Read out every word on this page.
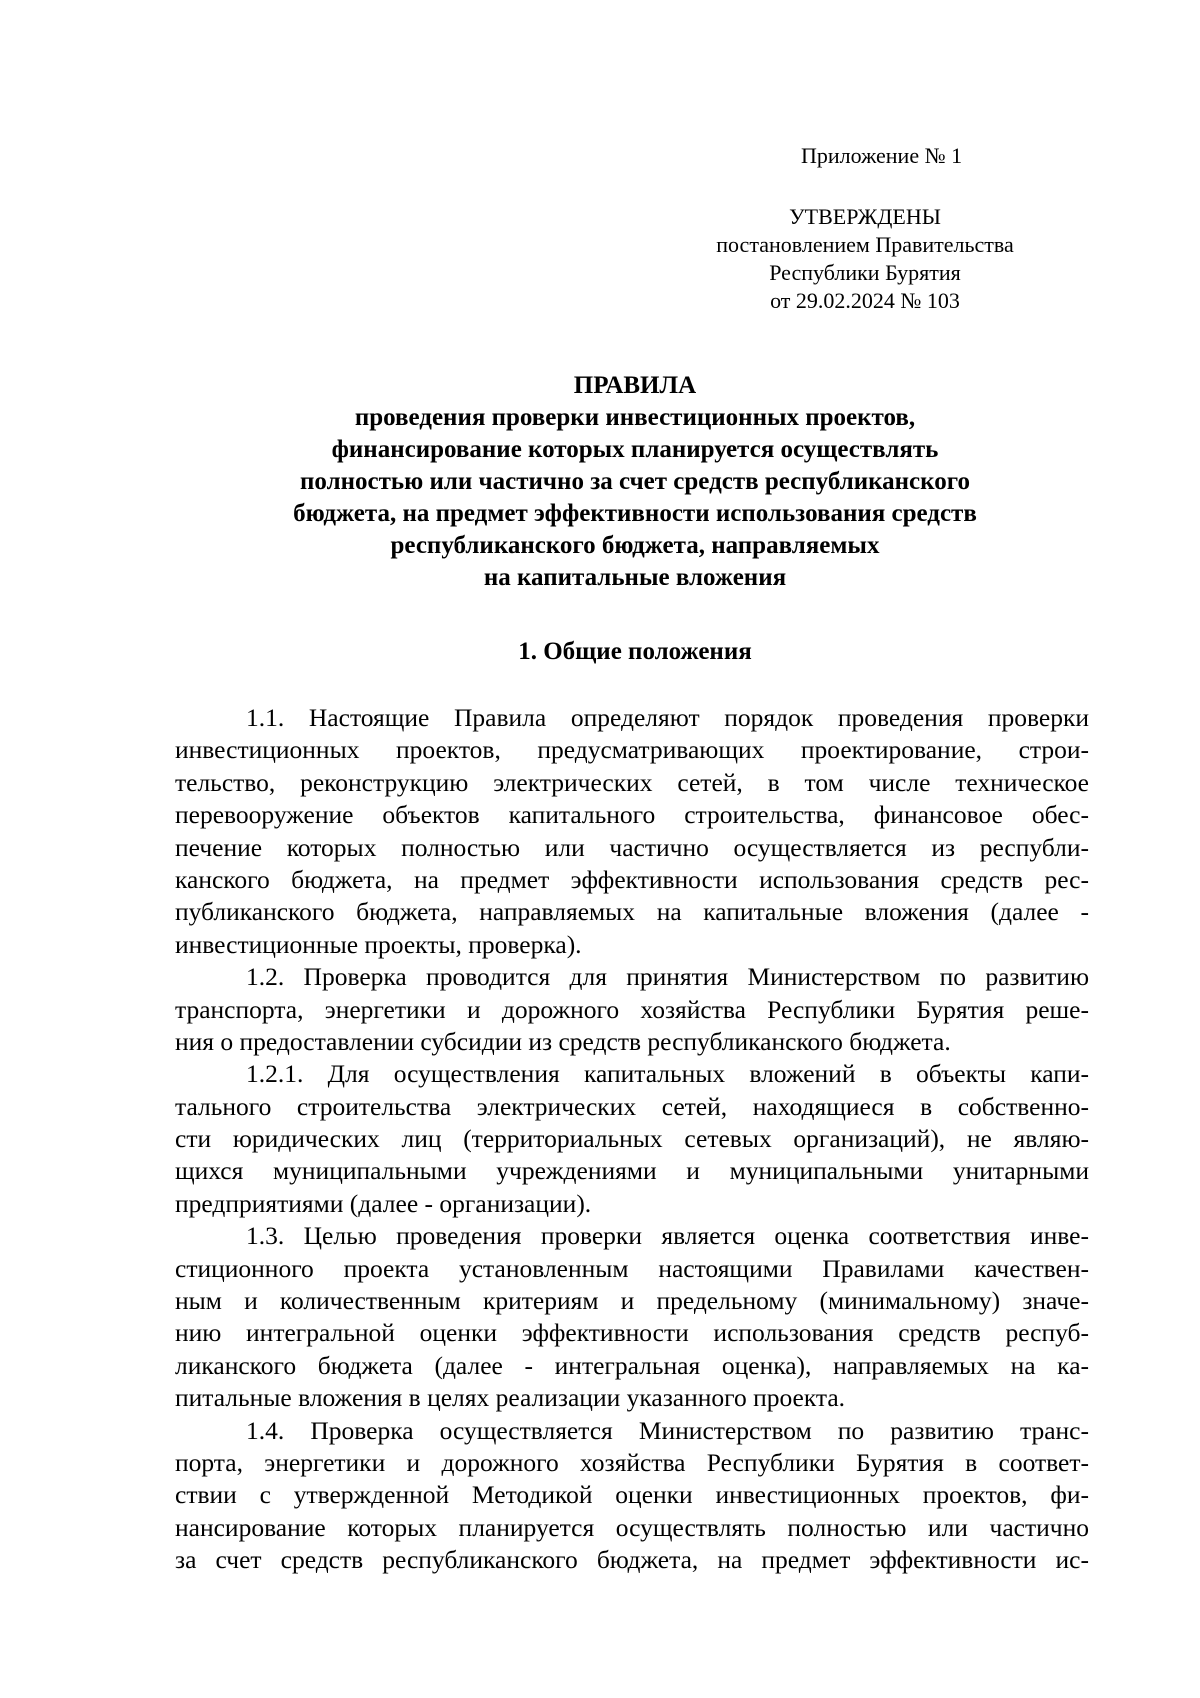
Приложение № 1
УТВЕРЖДЕНЫ
постановлением Правительства
Республики Бурятия
от 29.02.2024 № 103
ПРАВИЛА
проведения проверки инвестиционных проектов,
финансирование которых планируется осуществлять
полностью или частично за счет средств республиканского
бюджета, на предмет эффективности использования средств
республиканского бюджета, направляемых
на капитальные вложения
1. Общие положения
1.1. Настоящие Правила определяют порядок проведения проверки
инвестиционных проектов, предусматривающих проектирование, строи-
тельство, реконструкцию электрических сетей, в том числе техническое
перевооружение объектов капитального строительства, финансовое обес-
печение которых полностью или частично осуществляется из республи-
канского бюджета, на предмет эффективности использования средств рес-
публиканского бюджета, направляемых на капитальные вложения (далее -
инвестиционные проекты, проверка).
1.2. Проверка проводится для принятия Министерством по развитию
транспорта, энергетики и дорожного хозяйства Республики Бурятия реше-
ния о предоставлении субсидии из средств республиканского бюджета.
1.2.1. Для осуществления капитальных вложений в объекты капи-
тального строительства электрических сетей, находящиеся в собственно-
сти юридических лиц (территориальных сетевых организаций), не являю-
щихся муниципальными учреждениями и муниципальными унитарными
предприятиями (далее - организации).
1.3. Целью проведения проверки является оценка соответствия инве-
стиционного проекта установленным настоящими Правилами качествен-
ным и количественным критериям и предельному (минимальному) значе-
нию интегральной оценки эффективности использования средств респуб-
ликанского бюджета (далее - интегральная оценка), направляемых на ка-
питальные вложения в целях реализации указанного проекта.
1.4. Проверка осуществляется Министерством по развитию транс-
порта, энергетики и дорожного хозяйства Республики Бурятия в соответ-
ствии с утвержденной Методикой оценки инвестиционных проектов, фи-
нансирование которых планируется осуществлять полностью или частично
за счет средств республиканского бюджета, на предмет эффективности ис-
